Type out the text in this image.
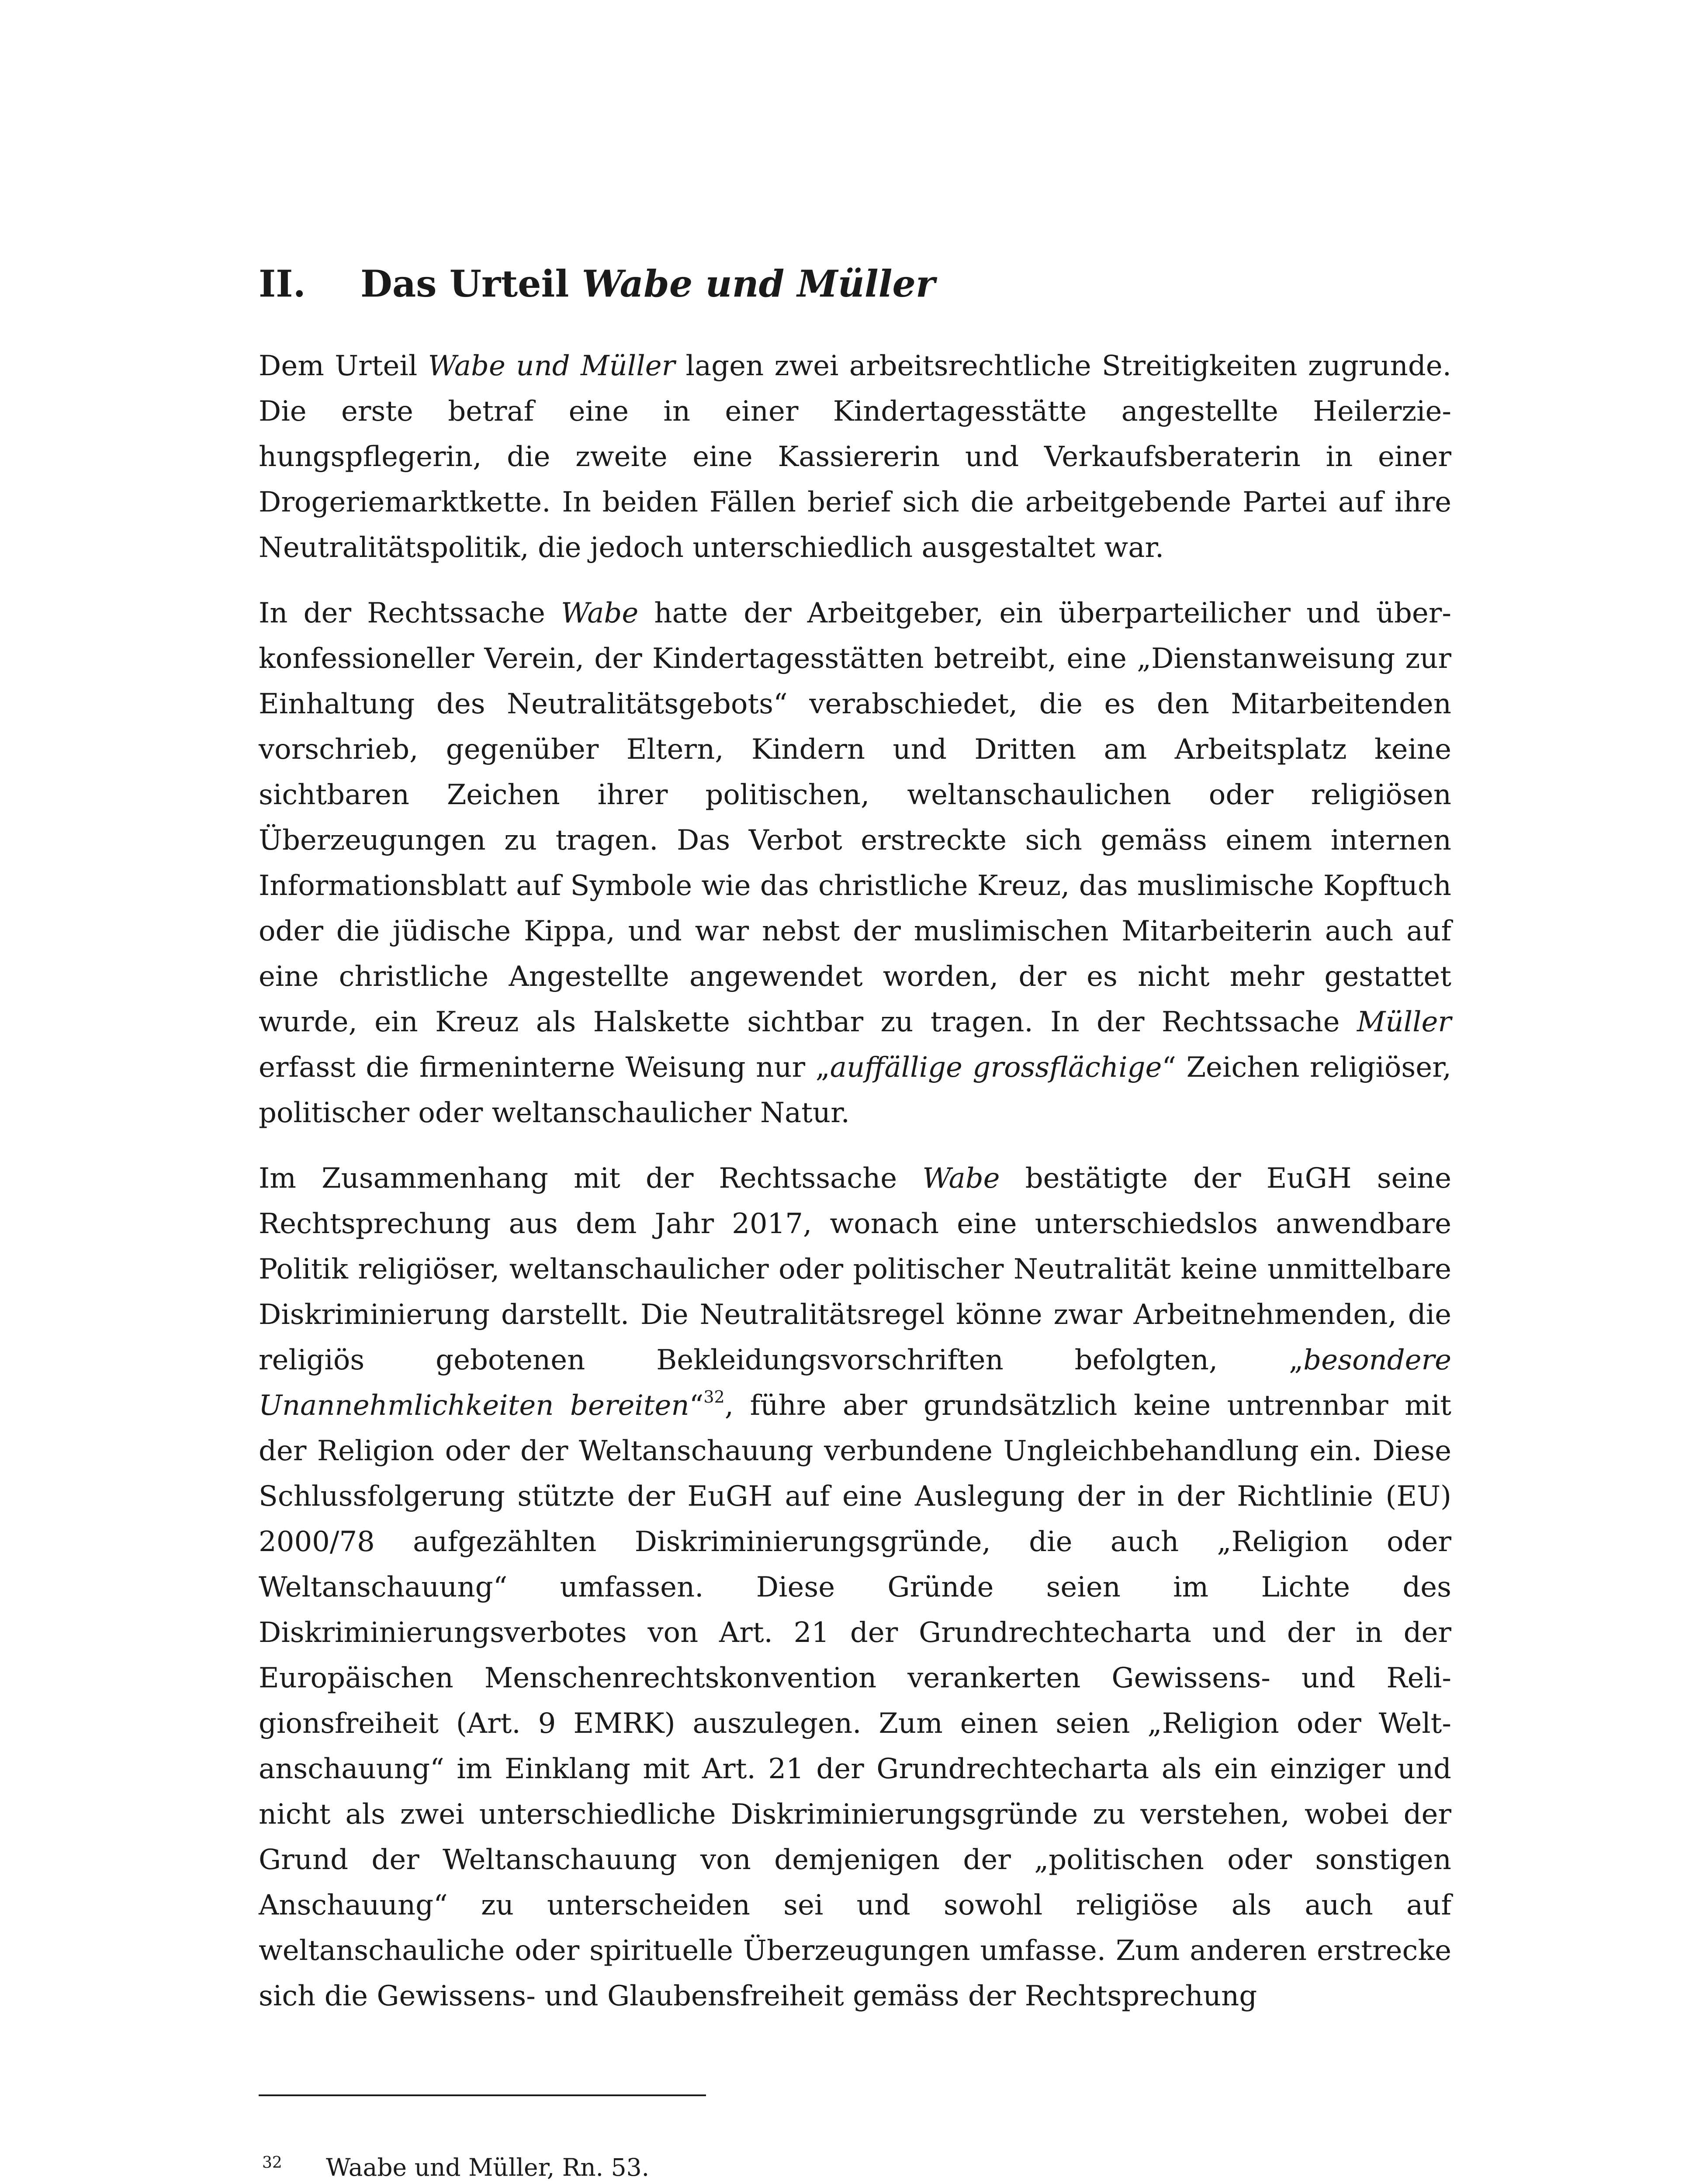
II. Das Urteil Wabe und Müller

Dem Urteil Wabe und Müller lagen zwei arbeitsrechtliche Streitigkeiten zugrunde. Die erste betraf eine in einer Kindertagesstätte angestellte Heilerziehungspflegerin, die zweite eine Kassiererin und Verkaufsberaterin in einer Drogeriemarktkette. In beiden Fällen berief sich die arbeitgebende Partei auf ihre Neutralitätspolitik, die jedoch unterschiedlich ausgestaltet war.

In der Rechtssache Wabe hatte der Arbeitgeber, ein überparteilicher und überkonfessioneller Verein, der Kindertagesstätten betreibt, eine „Dienstanweisung zur Einhaltung des Neutralitätsgebots“ verabschiedet, die es den Mitarbeitenden vorschrieb, gegenüber Eltern, Kindern und Dritten am Arbeitsplatz keine sichtbaren Zeichen ihrer politischen, weltanschaulichen oder religiösen Überzeugungen zu tragen. Das Verbot erstreckte sich gemäss einem internen Informationsblatt auf Symbole wie das christliche Kreuz, das muslimische Kopftuch oder die jüdische Kippa, und war nebst der muslimischen Mitarbeiterin auch auf eine christliche Angestellte angewendet worden, der es nicht mehr gestattet wurde, ein Kreuz als Halskette sichtbar zu tragen. In der Rechtssache Müller erfasst die firmeninterne Weisung nur „auffällige grossflächige“ Zeichen religiöser, politischer oder weltanschaulicher Natur.

Im Zusammenhang mit der Rechtssache Wabe bestätigte der EuGH seine Rechtsprechung aus dem Jahr 2017, wonach eine unterschiedslos anwendbare Politik religiöser, weltanschaulicher oder politischer Neutralität keine unmittelbare Diskriminierung darstellt. Die Neutralitätsregel könne zwar Arbeitnehmenden, die religiös gebotenen Bekleidungsvorschriften befolgten, „besondere Unannehmlichkeiten bereiten“$^{32}$, führe aber grundsätzlich keine untrennbar mit der Religion oder der Weltanschauung verbundene Ungleichbehandlung ein. Diese Schlussfolgerung stützte der EuGH auf eine Auslegung der in der Richtlinie (EU) 2000/78 aufgezählten Diskriminierungsgründe, die auch „Religion oder Weltanschauung“ umfassen. Diese Gründe seien im Lichte des Diskriminierungsverbotes von Art. 21 der Grundrechtecharta und der in der Europäischen Menschenrechtskonvention verankerten Gewissens- und Religionsfreiheit (Art. 9 EMRK) auszulegen. Zum einen seien „Religion oder Weltanschauung“ im Einklang mit Art. 21 der Grundrechtecharta als ein einziger und nicht als zwei unterschiedliche Diskriminierungsgründe zu verstehen, wobei der Grund der Weltanschauung von demjenigen der „politischen oder sonstigen Anschauung“ zu unterscheiden sei und sowohl religiöse als auch auf weltanschauliche oder spirituelle Überzeugungen umfasse. Zum anderen erstrecke sich die Gewissens- und Glaubensfreiheit gemäss der Rechtsprechung

32 Waabe und Müller, Rn. 53.
